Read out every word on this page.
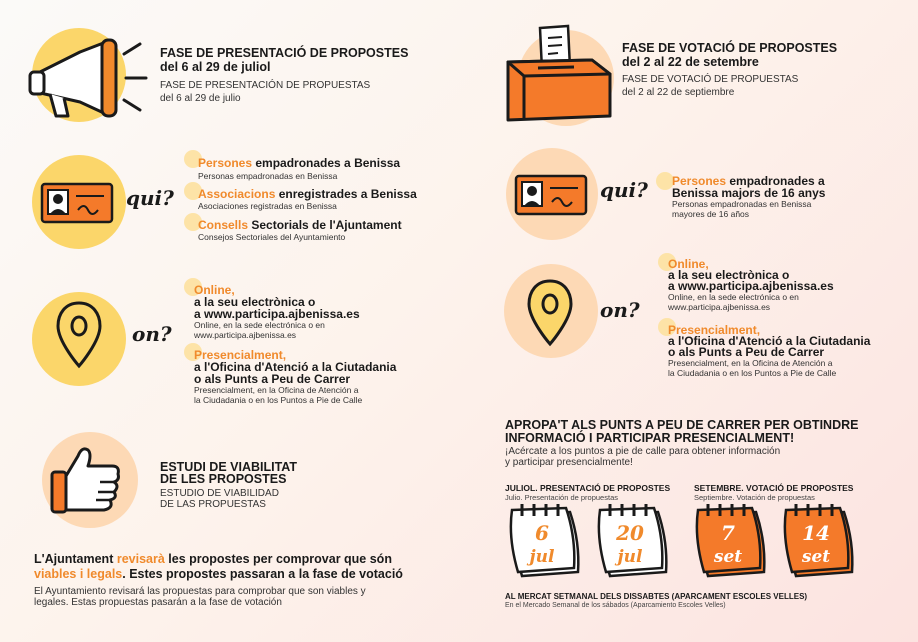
FASE DE PRESENTACIÓ DE PROPOSTES
del 6 al 29 de juliol
FASE DE PRESENTACIÓN DE PROPUESTAS
del 6 al 29 de julio
qui?
Persones empadronades a Benissa
Personas empadronadas en Benissa
Associacions enregistrades a Benissa
Asociaciones registradas en Benissa
Consells Sectorials de l'Ajuntament
Consejos Sectoriales del Ayuntamiento
on?
Online,
a la seu electrònica o
a www.participa.ajbenissa.es
Online, en la sede electrónica o en
www.participa.ajbenissa.es
Presencialment,
a l'Oficina d'Atenció a la Ciutadania
o als Punts a Peu de Carrer
Presencialment, en la Oficina de Atención a
la Ciudadania o en los Puntos a Pie de Calle
ESTUDI DE VIABILITAT
DE LES PROPOSTES
ESTUDIO DE VIABILIDAD
DE LAS PROPUESTAS
L'Ajuntament revisarà les propostes per comprovar que són
viables i legals. Estes propostes passaran a la fase de votació
El Ayuntamiento revisará las propuestas para comprobar que son viables y
legales. Estas propuestas pasarán a la fase de votación
FASE DE VOTACIÓ DE PROPOSTES
del 2 al 22 de setembre
FASE DE VOTACIÓ DE PROPUESTAS
del 2 al 22 de septiembre
qui? Persones empadronades a
Benissa majors de 16 anys
Personas empadronadas en Benissa
mayores de 16 años
on?
Online,
a la seu electrònica o
a www.participa.ajbenissa.es
Online, en la sede electrónica o en
www.participa.ajbenissa.es
Presencialment,
a l'Oficina d'Atenció a la Ciutadania
o als Punts a Peu de Carrer
Presencialment, en la Oficina de Atención a
la Ciudadania o en los Puntos a Pie de Calle
APROPA'T ALS PUNTS A PEU DE CARRER PER OBTINDRE
INFORMACIÓ I PARTICIPAR PRESENCIALMENT!
¡Acércate a los puntos a pie de calle para obtener información
y participar presencialmente!
JULIOL. PRESENTACIÓ DE PROPOSTES
Julio. Presentación de propuestas
SETEMBRE. VOTACIÓ DE PROPOSTES
Septiembre. Votación de propuestas
6
jul
20
jul
7
set
14
set
AL MERCAT SETMANAL DELS DISSABTES (APARCAMENT ESCOLES VELLES)
En el Mercado Semanal de los sábados (Aparcamiento Escoles Velles)
